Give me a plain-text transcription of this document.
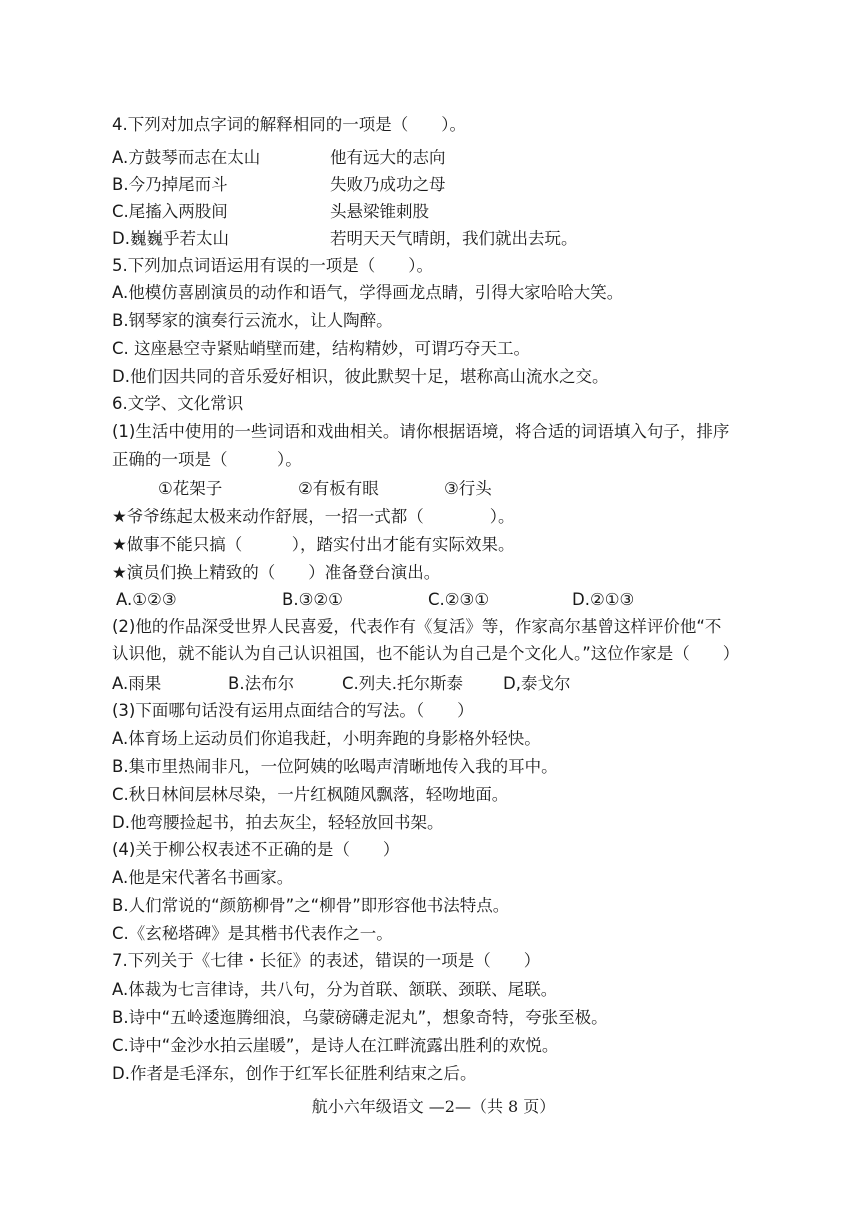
4.下列对加点字词的解释相同的一项是（　　）。
A.方鼓琴而志在太山	他有远大的志向
B.今乃掉尾而斗	失败乃成功之母
C.尾搐入两股间	头悬梁锥刺股
D.巍巍乎若太山	若明天天气晴朗，我们就出去玩。
5.下列加点词语运用有误的一项是（　　）。
A.他模仿喜剧演员的动作和语气，学得画龙点睛，引得大家哈哈大笑。
B.钢琴家的演奏行云流水，让人陶醉。
C. 这座悬空寺紧贴峭壁而建，结构精妙，可谓巧夺天工。
D.他们因共同的音乐爱好相识，彼此默契十足，堪称高山流水之交。
6.文学、文化常识
(1)生活中使用的一些词语和戏曲相关。请你根据语境，将合适的词语填入句子，排序
正确的一项是（　　　）。
①花架子	②有板有眼	③行头
★爷爷练起太极来动作舒展，一招一式都（　　　　）。
★做事不能只搞（　　　），踏实付出才能有实际效果。
★演员们换上精致的（　　）准备登台演出。
A.①②③	B.③②①	C.②③①	D.②①③
(2)他的作品深受世界人民喜爱，代表作有《复活》等，作家高尔基曾这样评价他“不
认识他，就不能认为自己认识祖国，也不能认为自己是个文化人。”这位作家是（　　）
A.雨果	B.法布尔	C.列夫.托尔斯泰 D,泰戈尔
(3)下面哪句话没有运用点面结合的写法。（　　）
A.体育场上运动员们你追我赶，小明奔跑的身影格外轻快。
B.集市里热闹非凡，一位阿姨的吆喝声清晰地传入我的耳中。
C.秋日林间层林尽染，一片红枫随风飘落，轻吻地面。
D.他弯腰捡起书，拍去灰尘，轻轻放回书架。
(4)关于柳公权表述不正确的是（　　）
A.他是宋代著名书画家。
B.人们常说的“颜筋柳骨”之“柳骨”即形容他书法特点。
C.《玄秘塔碑》是其楷书代表作之一。
7.下列关于《七律・长征》的表述，错误的一项是（　　）
A.体裁为七言律诗，共八句，分为首联、颔联、颈联、尾联。
B.诗中“五岭逶迤腾细浪，乌蒙磅礴走泥丸”，想象奇特，夸张至极。
C.诗中“金沙水拍云崖暖”，是诗人在江畔流露出胜利的欢悦。
D.作者是毛泽东，创作于红军长征胜利结束之后。
航小六年级语文 —2—（共 8 页）
